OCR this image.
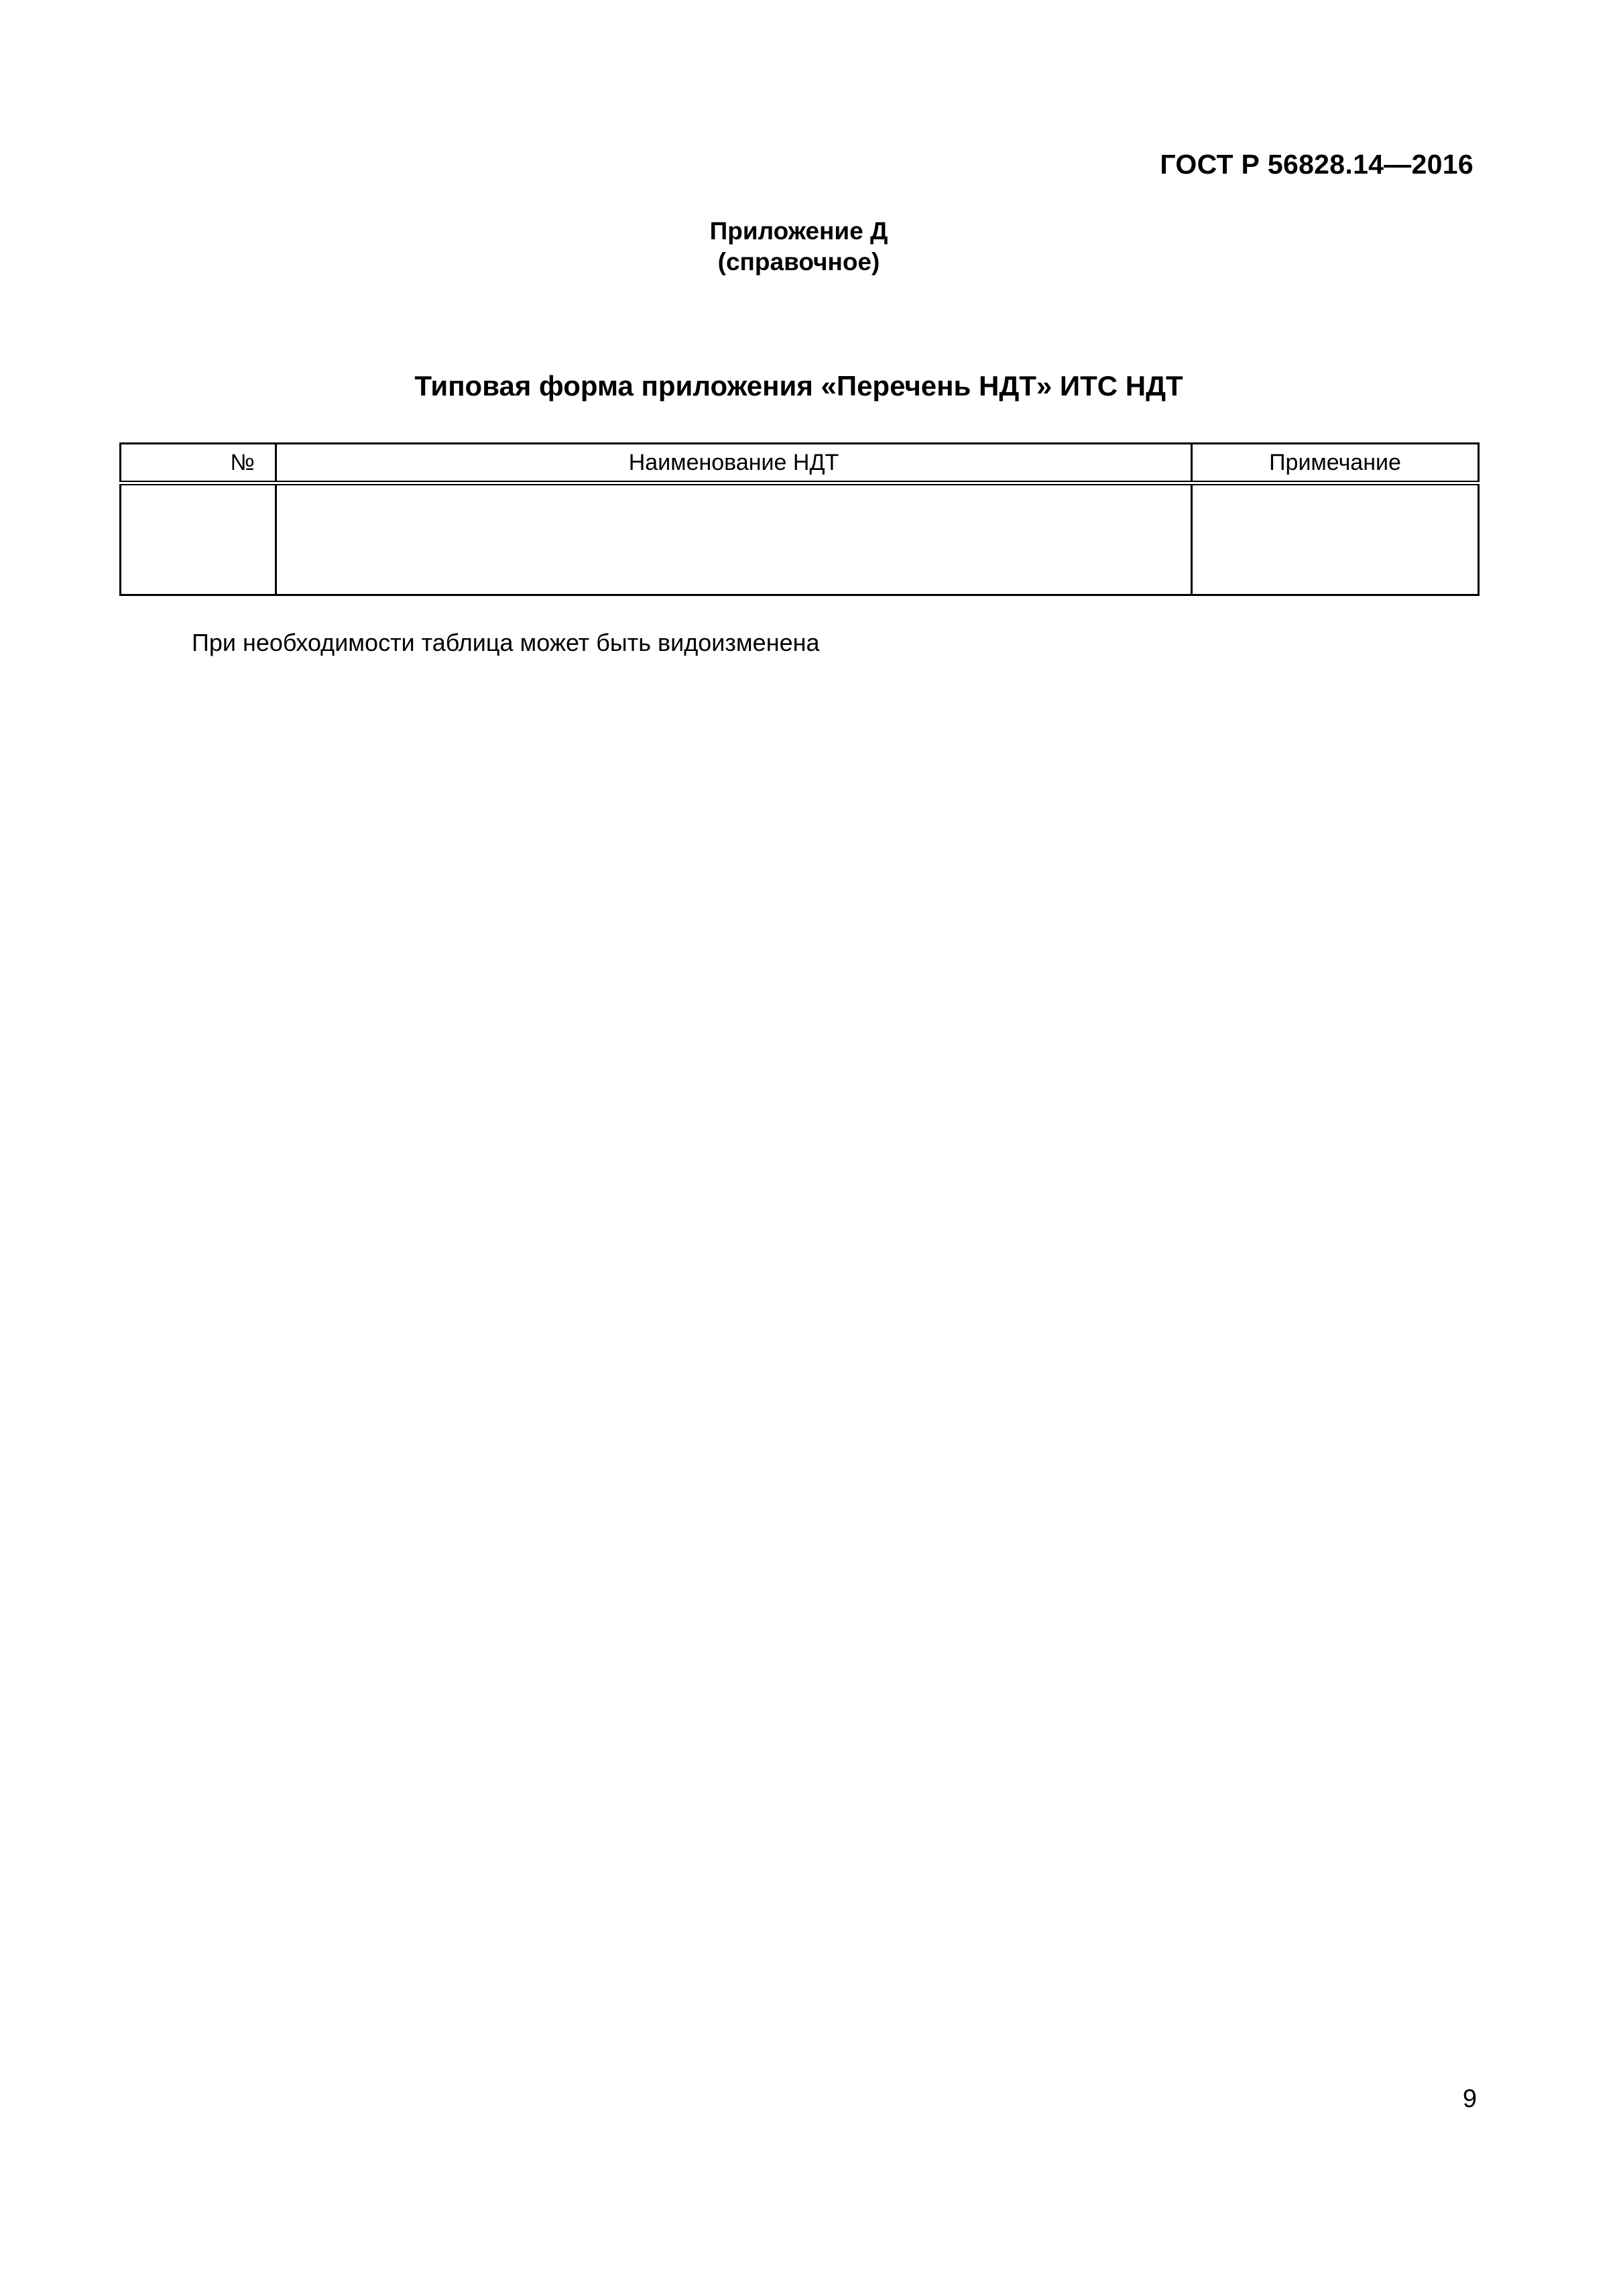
ГОСТ Р 56828.14—2016
Приложение Д
(справочное)
Типовая форма приложения «Перечень НДТ» ИТС НДТ
№	Наименование НДТ	Примечание

При необходимости таблица может быть видоизменена
9
